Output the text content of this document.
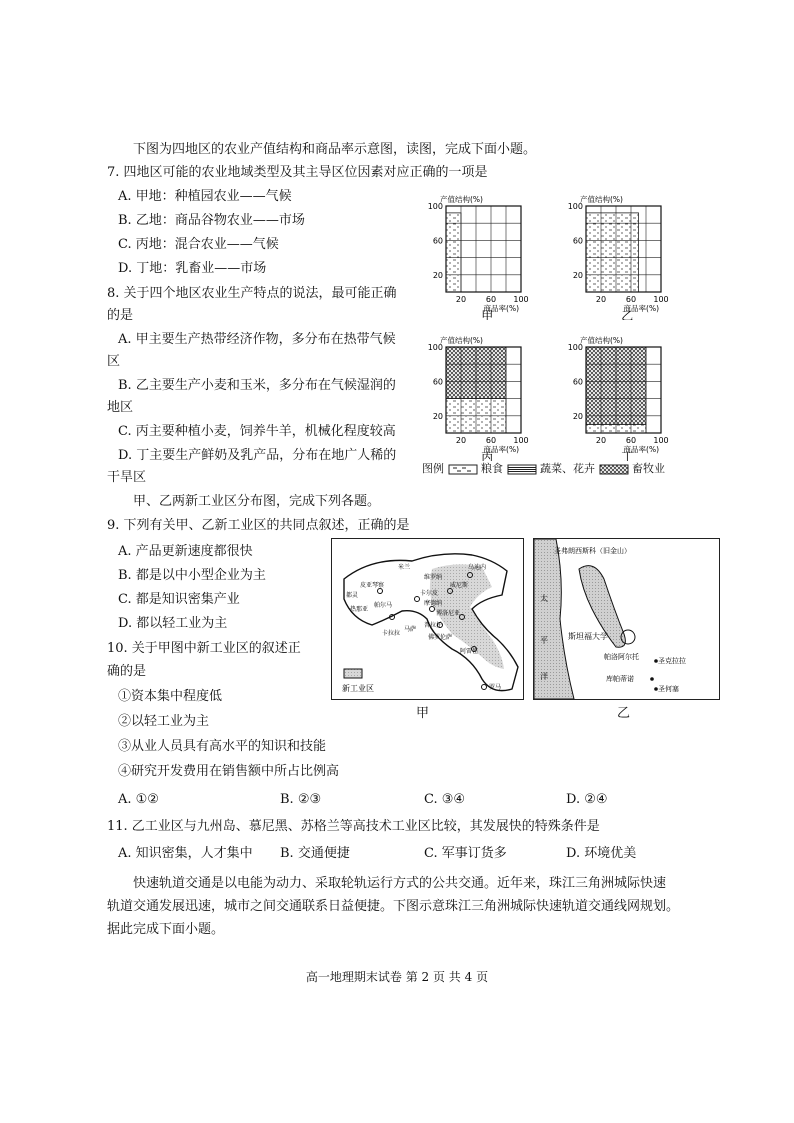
下图为四地区的农业产值结构和商品率示意图，读图，完成下面小题。
7. 四地区可能的农业地域类型及其主导区位因素对应正确的一项是
A. 甲地：种植园农业——气候
B. 乙地：商品谷物农业——市场
C. 丙地：混合农业——气候
D. 丁地：乳畜业——市场
8. 关于四个地区农业生产特点的说法，最可能正确
的是
A. 甲主要生产热带经济作物，多分布在热带气候
区
B. 乙主要生产小麦和玉米，多分布在气候湿润的
地区
C. 丙主要种植小麦，饲养牛羊，机械化程度较高
D. 丁主要生产鲜奶及乳产品，分布在地广人稀的
干旱区
产值结构(%)
100
60
20
20 60 100
商品率(%)
甲
产值结构(%)
100
60
20
20 60 100
商品率(%)
乙
产值结构(%)
100
60
20
20 60 100
商品率(%)
丙
产值结构(%)
100
60
20
20 60 100
商品率(%)
丁
图例	粮食	蔬菜、花卉	畜牧业
甲、乙两新工业区分布图，完成下列各题。
9. 下列有关甲、乙新工业区的共同点叙述，正确的是
A. 产品更新速度都很快
B. 都是以中小型企业为主
C. 都是知识密集产业
D. 都以轻工业为主
10. 关于甲图中新工业区的叙述正
确的是
①资本集中程度低
②以轻工业为主
③从业人员具有高水平的知识和技能
④研究开发费用在销售额中所占比例高
A. ①②	B. ②③	C. ③④	D. ②④
11. 乙工业区与九州岛、慕尼黑、苏格兰等高技术工业区比较，其发展快的特殊条件是
A. 知识密集，人才集中 B. 交通便捷	C. 军事订货多	D. 环境优美
快速轨道交通是以电能为动力、采取轮轨运行方式的公共交通。近年来，珠江三角洲城际快速
轨道交通发展迅速，城市之间交通联系日益便捷。下图示意珠江三角洲城际快速轨道交通线网规划。
据此完成下面小题。
米兰
都灵
皮亚琴察
热那亚
帕尔马
维罗纳
威尼斯
乌迪内
卡尔皮
摩德纳
博洛尼亚
卡拉拉
佛罗伦萨
马萨
普拉托
阿雷佐
罗马
新工业区
甲
圣弗朗西斯科（旧金山）
太
平
洋
斯坦福大学
帕洛阿尔托	圣克拉拉
库帕蒂诺
圣何塞
乙
高一地理期末试卷 第 2 页 共 4 页
